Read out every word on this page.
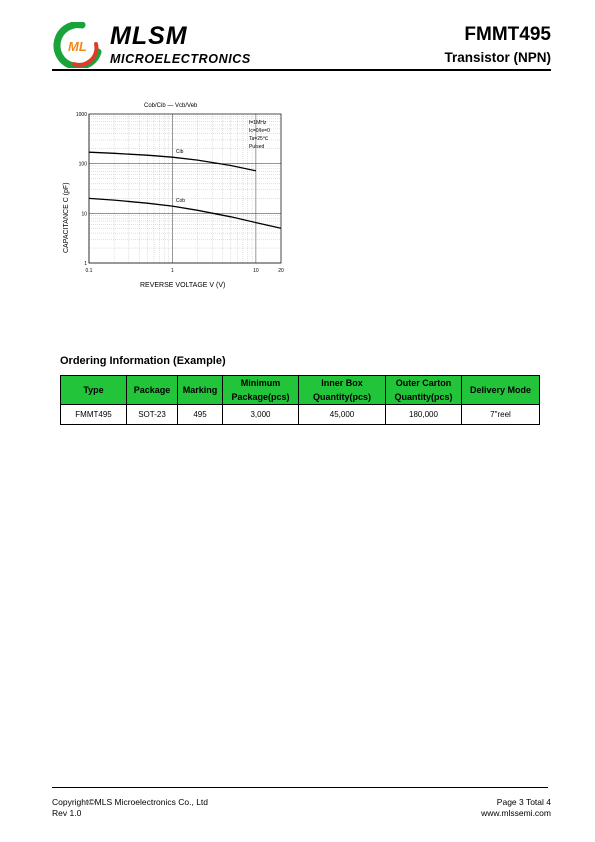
ML MLSM
MICROELECTRONICS
FMMT495
Transistor (NPN)
Cob/Cib — Vcb/Veb
0.1	1	10	20
1
10
100
1000
Cib
Cob
f=1MHz
Ic=0/Ie=0
Ta=25℃
Pulsed
REVERSE VOLTAGE V (V)
CAPACITANCE C (pF)
Ordering Information (Example)
Type	Package	Marking	Minimum Package(pcs)	Inner Box Quantity(pcs)	Outer Carton Quantity(pcs)	Delivery Mode
FMMT495	SOT-23	495	3,000	45,000	180,000	7"reel
Copyright©MLS Microelectronics Co., Ltd
Rev 1.0
Page 3 Total 4
www.mlssemi.com
